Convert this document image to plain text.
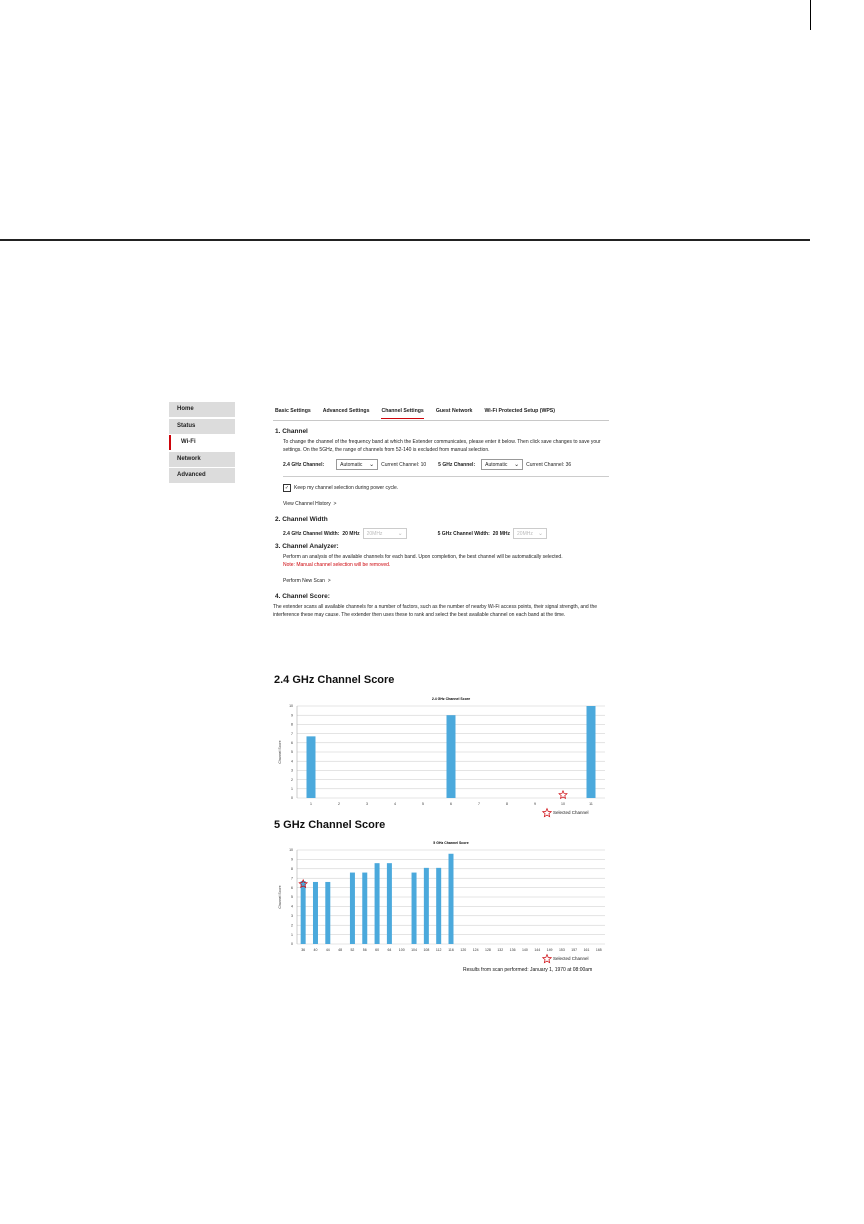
Home
Status
Wi-Fi
Network
Advanced
Basic Settings Advanced Settings Channel Settings Guest Network Wi-Fi Protected Setup (WPS)
1. Channel
To change the channel of the frequency band at which the Extender communicates, please enter it below. Then click save changes to save your settings. On the 5GHz, the range of channels from 52-140 is excluded from manual selection.
2.4 GHz Channel:	Automatic ⌄ Current Channel: 10 5 GHz Channel: Automatic ⌄ Current Channel: 36
✓ Keep my channel selection during power cycle.
View Channel History  >
2. Channel Width
2.4 GHz Channel Width: 20 MHz 20MHz	⌄	5 GHz Channel Width: 20 MHz 20MHz ⌄
3. Channel Analyzer:
Perform an analysis of the available channels for each band. Upon completion, the best channel will be automatically selected.
Note: Manual channel selection will be removed.
Perform New Scan  >
4. Channel Score:
The extender scans all available channels for a number of factors, such as the number of nearby Wi-Fi access points, their signal strength, and the interference these may cause. The extender then uses these to rank and select the best available channel on each band at the time.
2.4 GHz Channel Score
2.4 GHz Channel Score
0
1
2
3
4
5
6
7
8
9
10
Channel Score
1	2	3	4	5	6	7	8	9	10	11
Selected Channel
5 GHz Channel Score
5 GHz Channel Score
0
1
2
3
4
5
6
7
8
9
10
Channel Score
36 40 44 48 52 56 60 64 100 104 108 112 116 120 124 128 132 136 140 144 149 153 157 161 165
Selected Channel
Results from scan performed: January 1, 1970 at 08:00am
